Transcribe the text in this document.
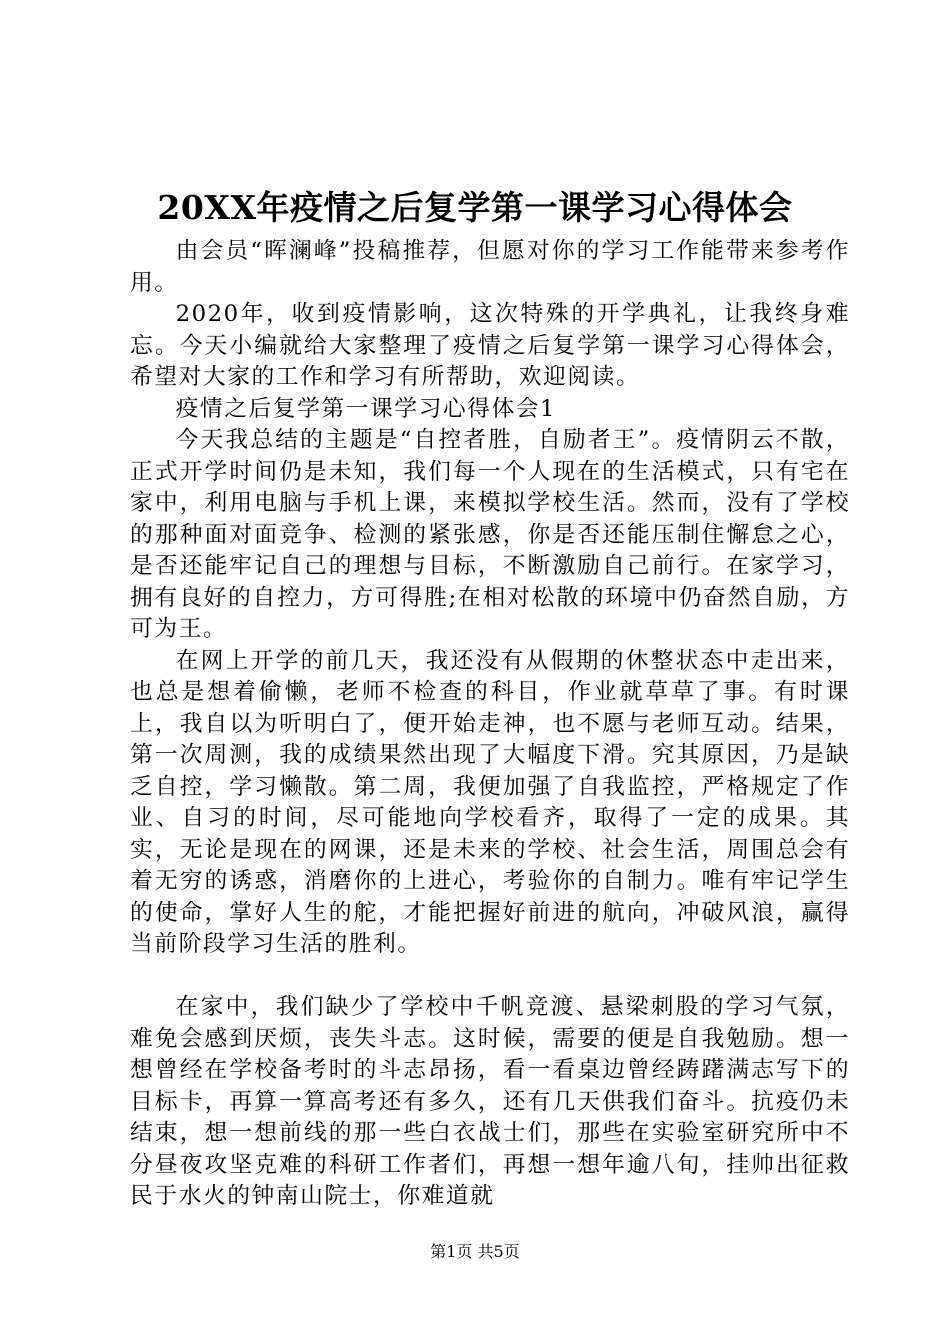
20XX年疫情之后复学第一课学习心得体会

由会员“晖澜峰”投稿推荐，但愿对你的学习工作能带来参考作用。

2020年，收到疫情影响，这次特殊的开学典礼，让我终身难忘。今天小编就给大家整理了疫情之后复学第一课学习心得体会，希望对大家的工作和学习有所帮助，欢迎阅读。

疫情之后复学第一课学习心得体会1

今天我总结的主题是“自控者胜，自励者王”。疫情阴云不散，正式开学时间仍是未知，我们每一个人现在的生活模式，只有宅在家中，利用电脑与手机上课，来模拟学校生活。然而，没有了学校的那种面对面竞争、检测的紧张感，你是否还能压制住懈怠之心，是否还能牢记自己的理想与目标，不断激励自己前行。在家学习，拥有良好的自控力，方可得胜;在相对松散的环境中仍奋然自励，方可为王。

在网上开学的前几天，我还没有从假期的休整状态中走出来，也总是想着偷懒，老师不检查的科目，作业就草草了事。有时课上，我自以为听明白了，便开始走神，也不愿与老师互动。结果，第一次周测，我的成绩果然出现了大幅度下滑。究其原因，乃是缺乏自控，学习懒散。第二周，我便加强了自我监控，严格规定了作业、自习的时间，尽可能地向学校看齐，取得了一定的成果。其实，无论是现在的网课，还是未来的学校、社会生活，周围总会有着无穷的诱惑，消磨你的上进心，考验你的自制力。唯有牢记学生的使命，掌好人生的舵，才能把握好前进的航向，冲破风浪，赢得当前阶段学习生活的胜利。

在家中，我们缺少了学校中千帆竞渡、悬梁刺股的学习气氛，难免会感到厌烦，丧失斗志。这时候，需要的便是自我勉励。想一想曾经在学校备考时的斗志昂扬，看一看桌边曾经踌躇满志写下的目标卡，再算一算高考还有多久，还有几天供我们奋斗。抗疫仍未结束，想一想前线的那一些白衣战士们，那些在实验室研究所中不分昼夜攻坚克难的科研工作者们，再想一想年逾八旬，挂帅出征救民于水火的钟南山院士，你难道就

第1页 共5页
